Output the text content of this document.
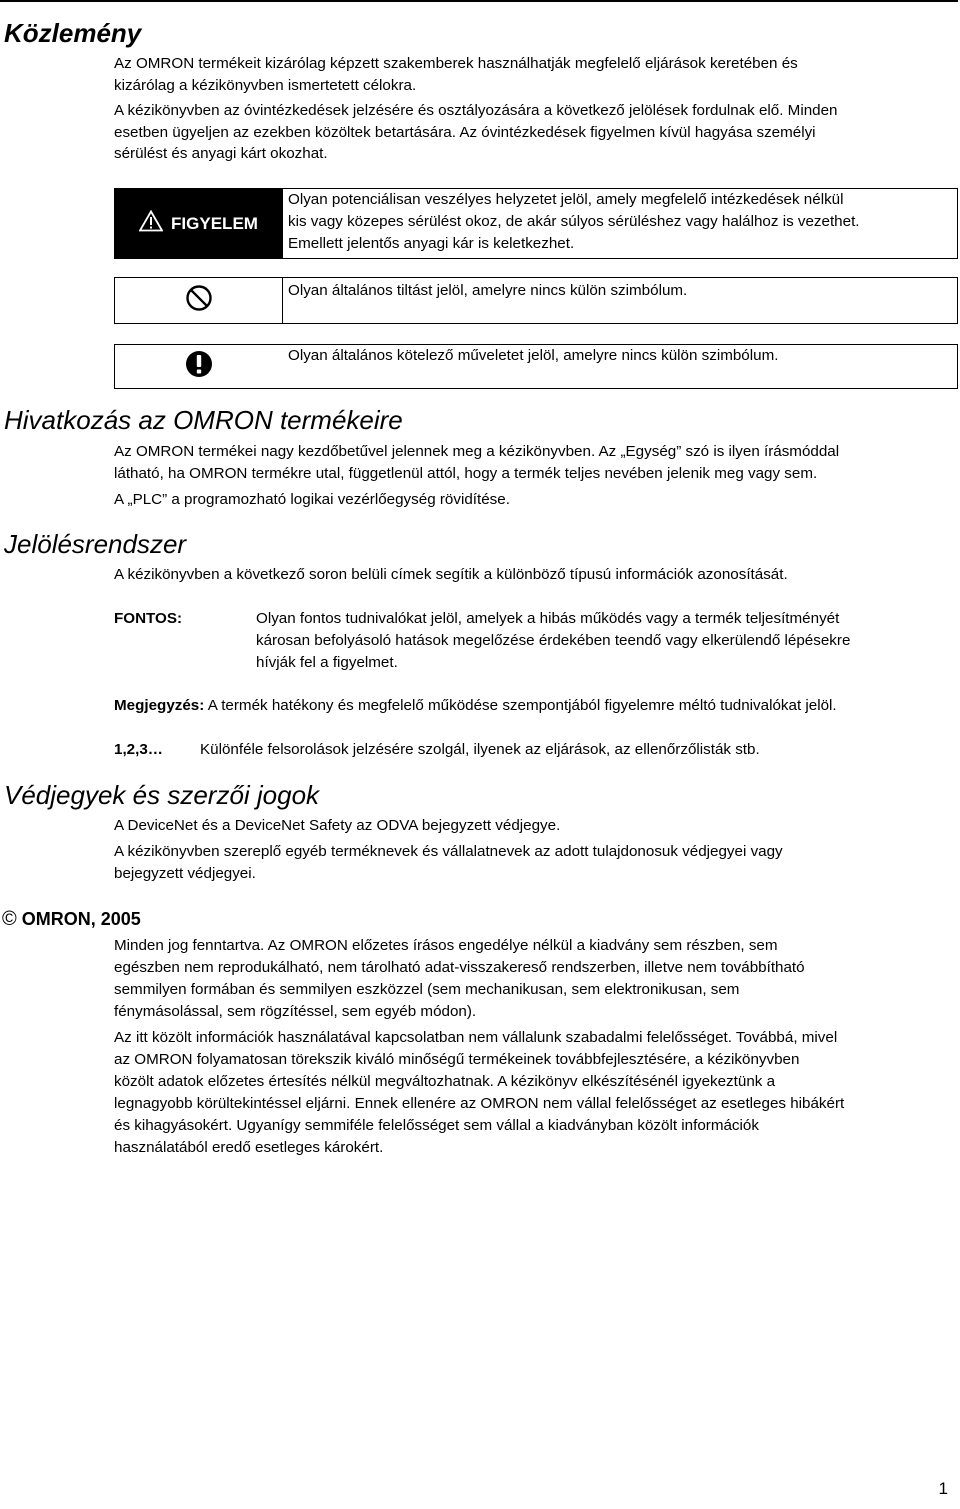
Közlemény

Az OMRON termékeit kizárólag képzett szakemberek használhatják megfelelő eljárások keretében és

kizárólag a kézikönyvben ismertetett célokra.

A kézikönyvben az óvintézkedések jelzésére és osztályozására a következő jelölések fordulnak elő. Minden

esetben ügyeljen az ezekben közöltek betartására. Az óvintézkedések figyelmen kívül hagyása személyi

sérülést és anyagi kárt okozhat.

FIGYELEM
Olyan potenciálisan veszélyes helyzetet jelöl, amely megfelelő intézkedések nélkül
kis vagy közepes sérülést okoz, de akár súlyos sérüléshez vagy halálhoz is vezethet.
Emellett jelentős anyagi kár is keletkezhet.
Olyan általános tiltást jelöl, amelyre nincs külön szimbólum.
Olyan általános kötelező műveletet jelöl, amelyre nincs külön szimbólum.
Hivatkozás az OMRON termékeire

Az OMRON termékei nagy kezdőbetűvel jelennek meg a kézikönyvben. Az „Egység” szó is ilyen írásmóddal

látható, ha OMRON termékre utal, függetlenül attól, hogy a termék teljes nevében jelenik meg vagy sem.

A „PLC” a programozható logikai vezérlőegység rövidítése.

Jelölésrendszer

A kézikönyvben a következő soron belüli címek segítik a különböző típusú információk azonosítását.

FONTOS:	Olyan fontos tudnivalókat jelöl, amelyek a hibás működés vagy a termék teljesítményét

károsan befolyásoló hatások megelőzése érdekében teendő vagy elkerülendő lépésekre

hívják fel a figyelmet.

Megjegyzés: A termék hatékony és megfelelő működése szempontjából figyelemre méltó tudnivalókat jelöl.

1,2,3… Különféle felsorolások jelzésére szolgál, ilyenek az eljárások, az ellenőrzőlisták stb.

Védjegyek és szerzői jogok

A DeviceNet és a DeviceNet Safety az ODVA bejegyzett védjegye.

A kézikönyvben szereplő egyéb terméknevek és vállalatnevek az adott tulajdonosuk védjegyei vagy

bejegyzett védjegyei.

© OMRON, 2005

Minden jog fenntartva. Az OMRON előzetes írásos engedélye nélkül a kiadvány sem részben, sem

egészben nem reprodukálható, nem tárolható adat-visszakereső rendszerben, illetve nem továbbítható

semmilyen formában és semmilyen eszközzel (sem mechanikusan, sem elektronikusan, sem

fénymásolással, sem rögzítéssel, sem egyéb módon).

Az itt közölt információk használatával kapcsolatban nem vállalunk szabadalmi felelősséget. Továbbá, mivel

az OMRON folyamatosan törekszik kiváló minőségű termékeinek továbbfejlesztésére, a kézikönyvben

közölt adatok előzetes értesítés nélkül megváltozhatnak. A kézikönyv elkészítésénél igyekeztünk a

legnagyobb körültekintéssel eljárni. Ennek ellenére az OMRON nem vállal felelősséget az esetleges hibákért

és kihagyásokért. Ugyanígy semmiféle felelősséget sem vállal a kiadványban közölt információk

használatából eredő esetleges károkért.

1
